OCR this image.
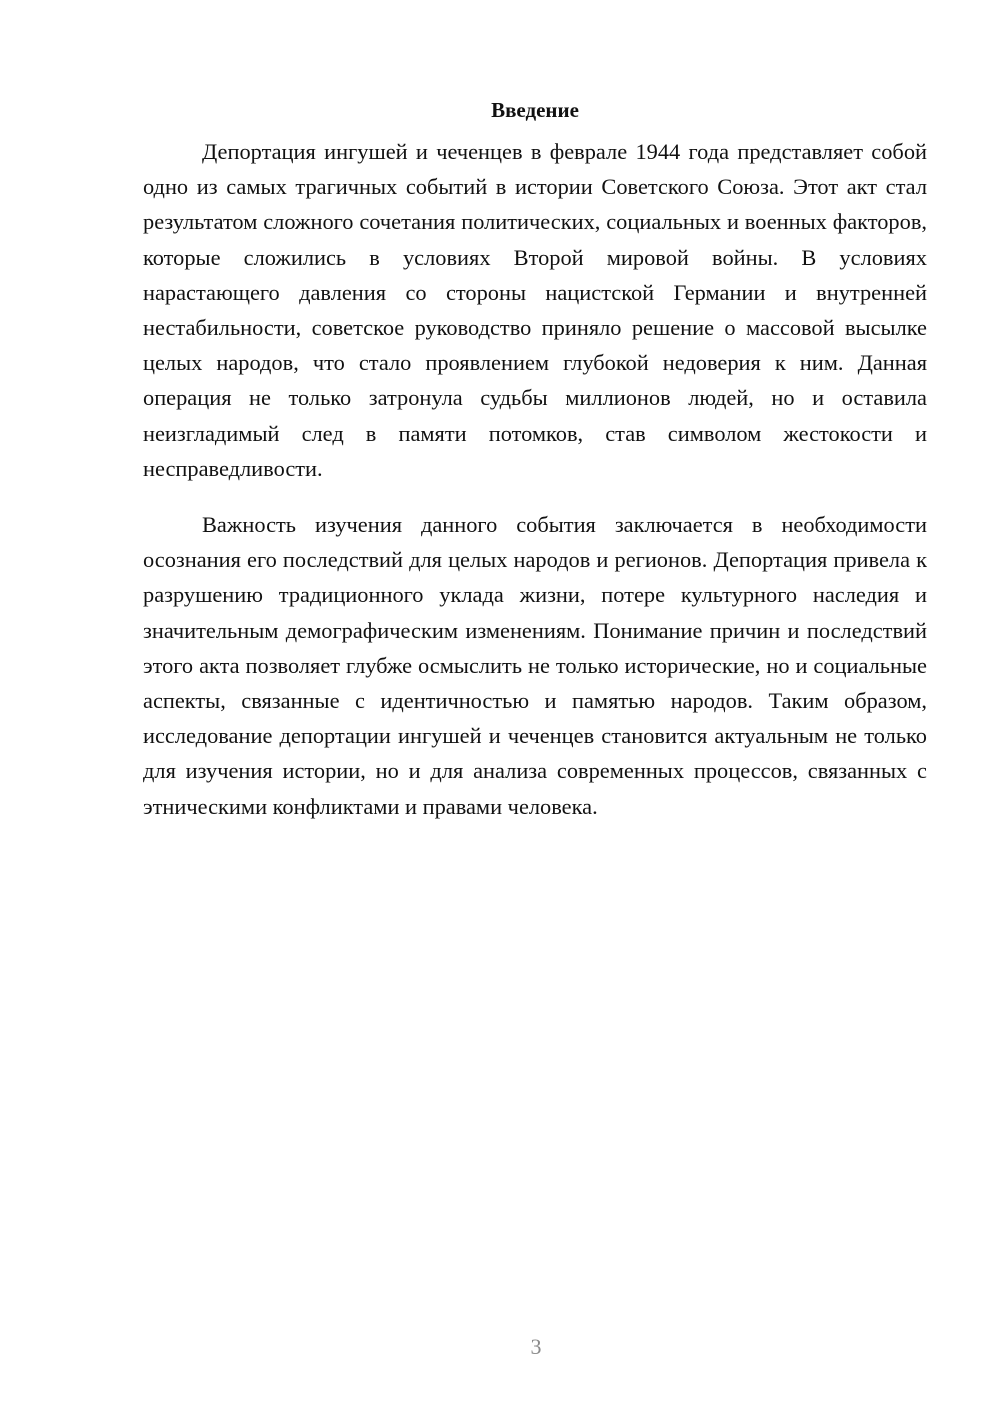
Введение

Депортация ингушей и чеченцев в феврале 1944 года представляет собой одно из самых трагичных событий в истории Советского Союза. Этот акт стал результатом сложного сочетания политических, социальных и военных факторов, которые сложились в условиях Второй мировой войны. В условиях нарастающего давления со стороны нацистской Германии и внутренней нестабильности, советское руководство приняло решение о массовой высылке целых народов, что стало проявлением глубокой недоверия к ним. Данная операция не только затронула судьбы миллионов людей, но и оставила неизгладимый след в памяти потомков, став символом жестокости и несправедливости.

Важность изучения данного события заключается в необходимости осознания его последствий для целых народов и регионов. Депортация привела к разрушению традиционного уклада жизни, потере культурного наследия и значительным демографическим изменениям. Понимание причин и последствий этого акта позволяет глубже осмыслить не только исторические, но и социальные аспекты, связанные с идентичностью и памятью народов. Таким образом, исследование депортации ингушей и чеченцев становится актуальным не только для изучения истории, но и для анализа современных процессов, связанных с этническими конфликтами и правами человека.

3
